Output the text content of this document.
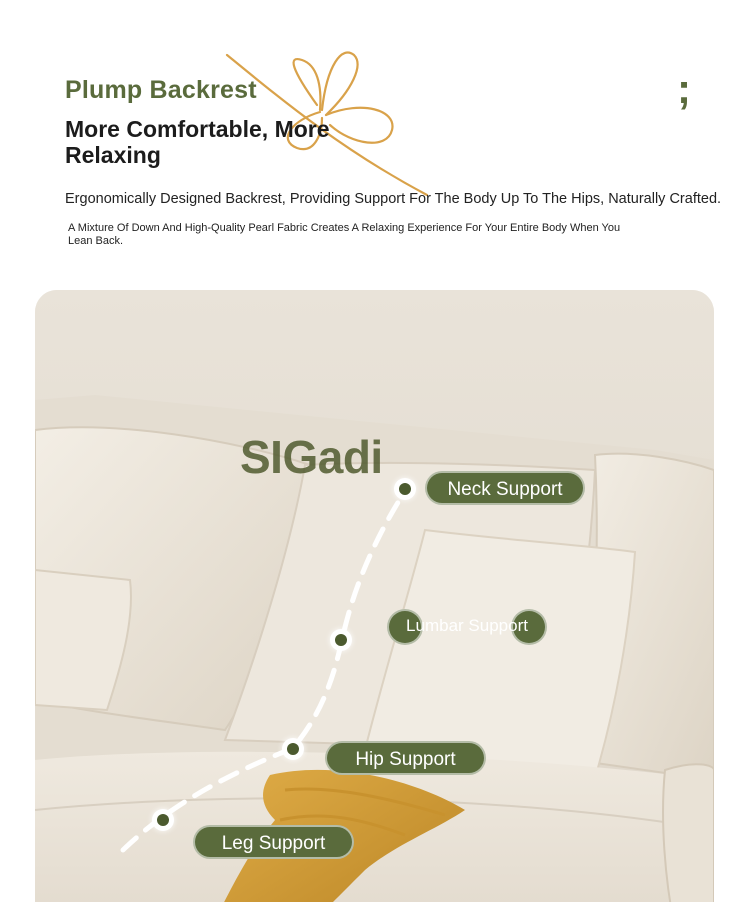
Plump Backrest
More Comfortable, More Relaxing
Ergonomically Designed Backrest, Providing Support For The Body Up To The Hips, Naturally Crafted.
A Mixture Of Down And High-Quality Pearl Fabric Creates A Relaxing Experience For Your Entire Body When You Lean Back.
;
SIGadi
Neck Support
Lumbar Support
Hip Support
Leg Support
